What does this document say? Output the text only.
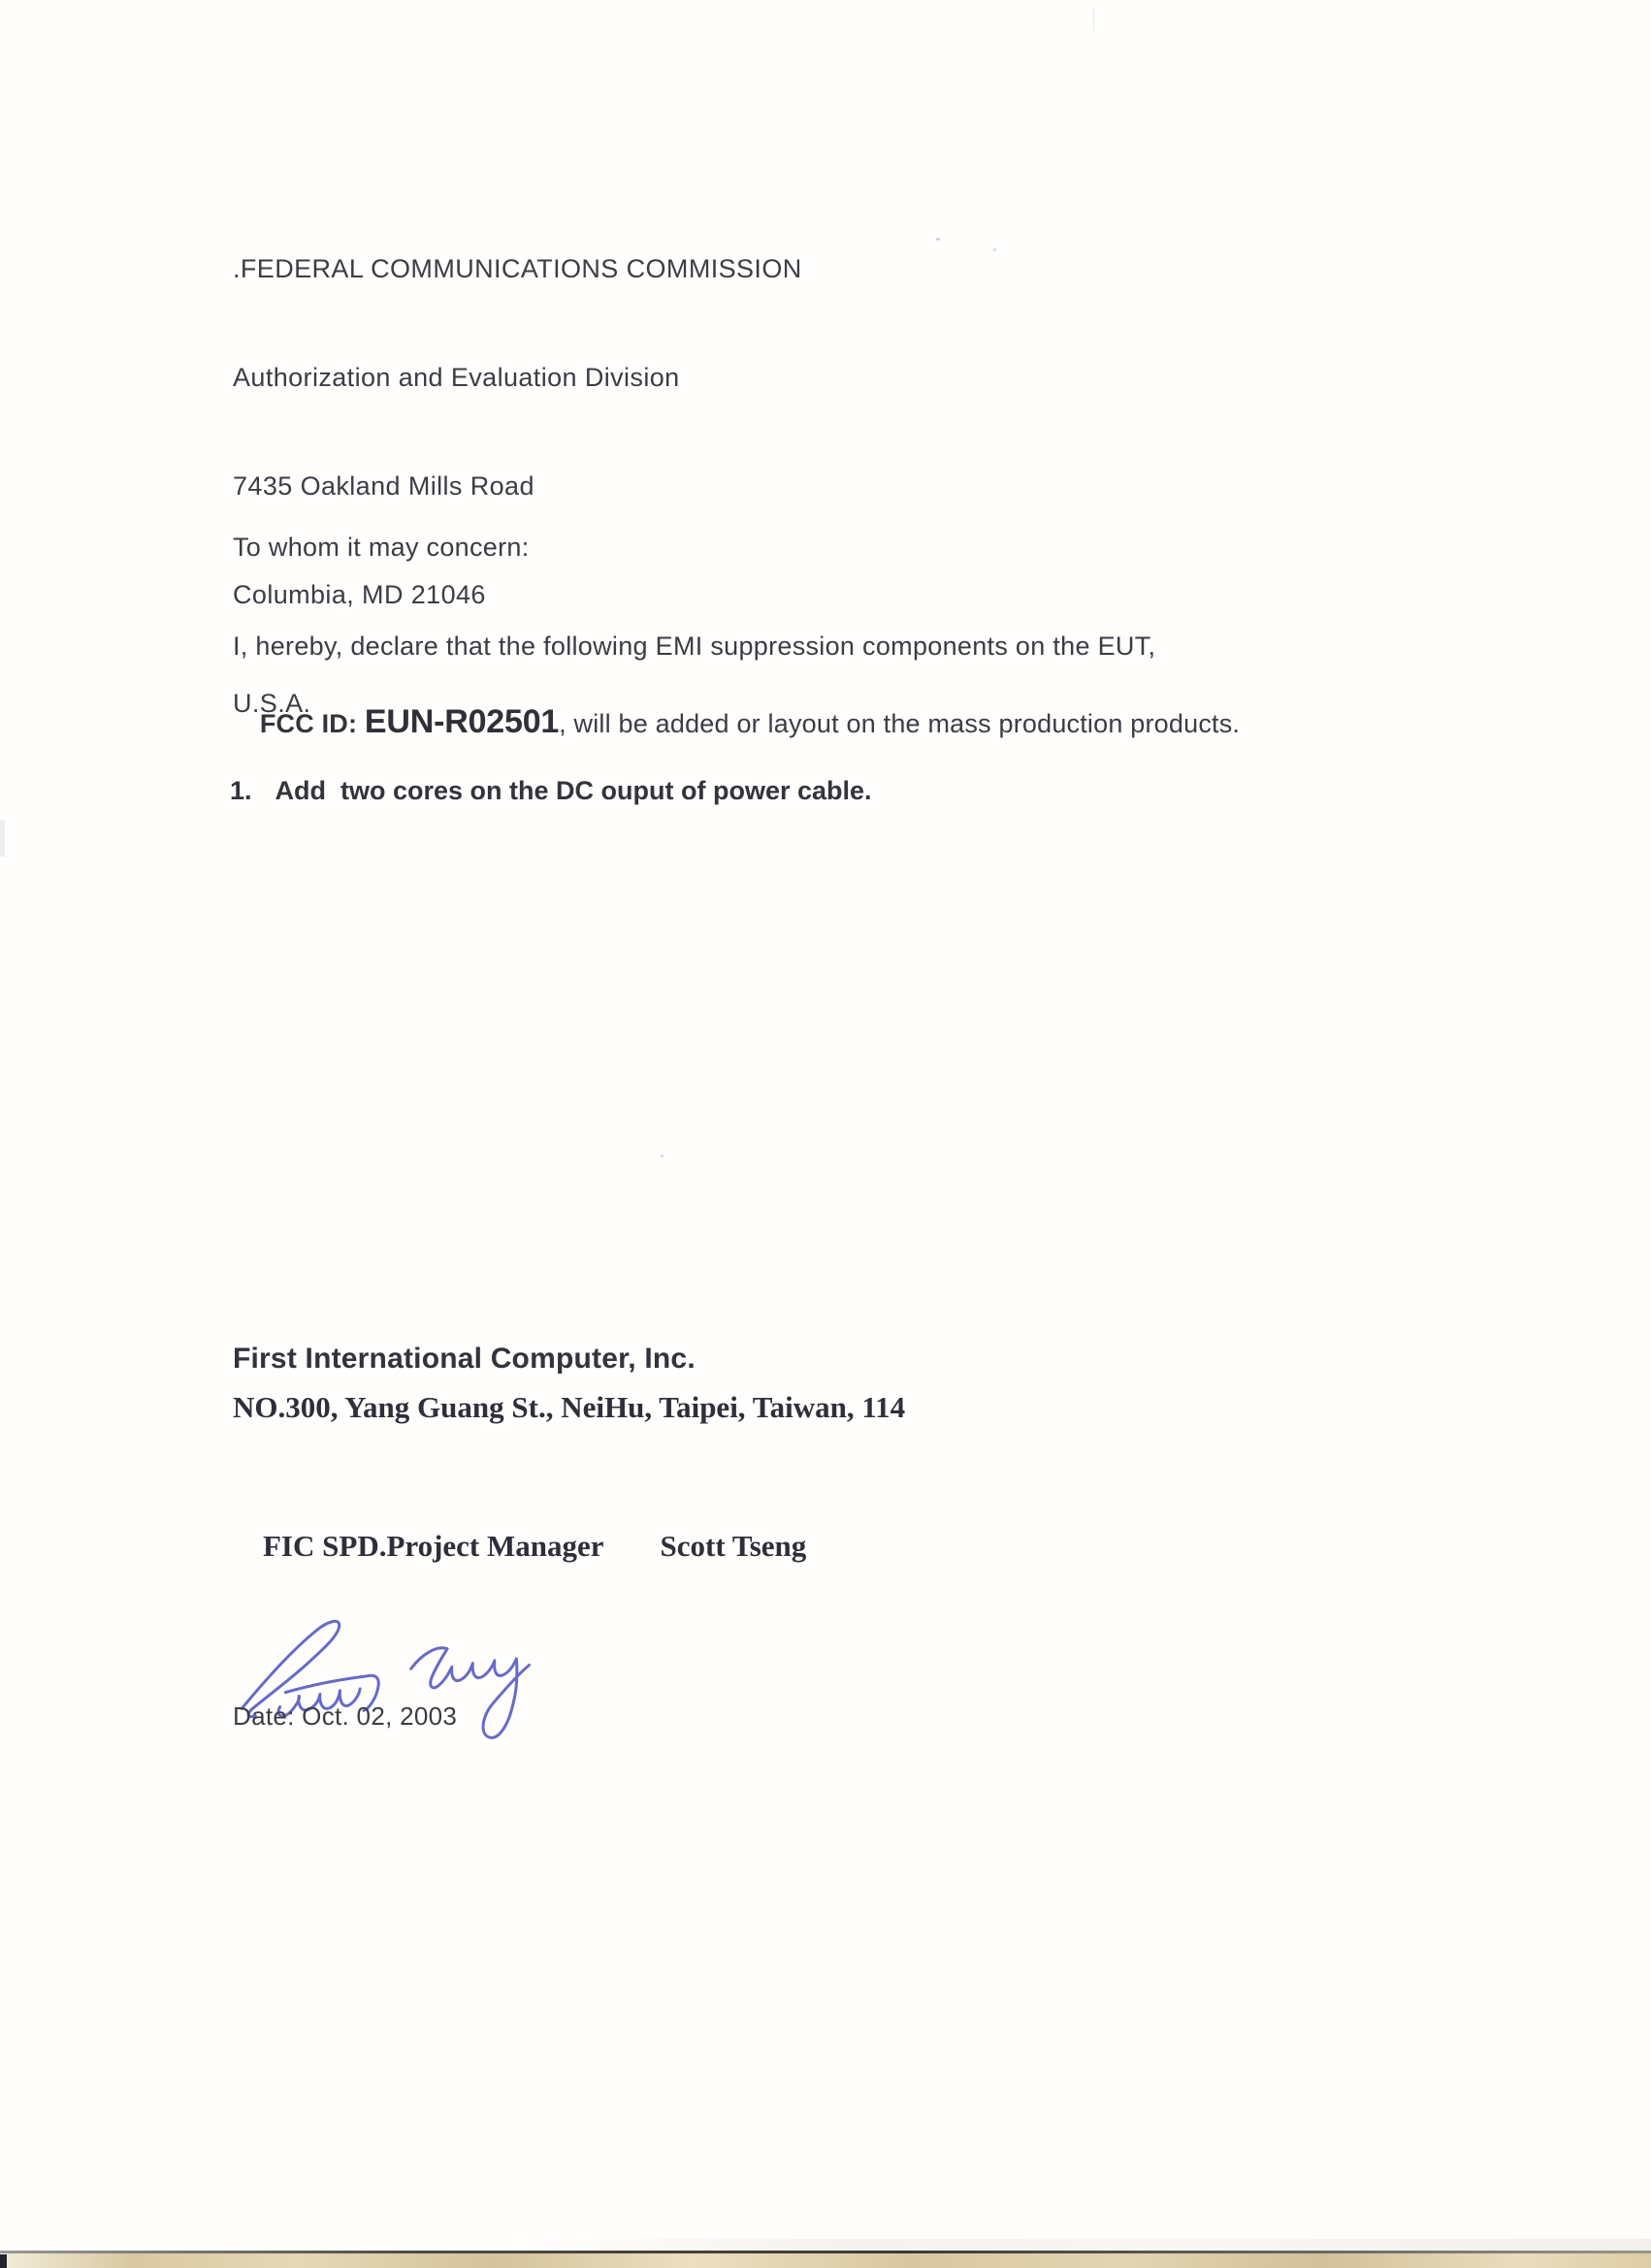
.FEDERAL COMMUNICATIONS COMMISSION

Authorization and Evaluation Division

7435 Oakland Mills Road

Columbia, MD 21046

U.S.A.

To whom it may concern:
I, hereby, declare that the following EMI suppression components on the EUT,

FCC ID: EUN-R02501, will be added or layout on the mass production products.

1. Add  two cores on the DC ouput of power cable.
First International Computer, Inc.
NO.300, Yang Guang St., NeiHu, Taipei, Taiwan, 114

FIC SPD.Project Manager Scott Tseng

Date: Oct. 02, 2003
